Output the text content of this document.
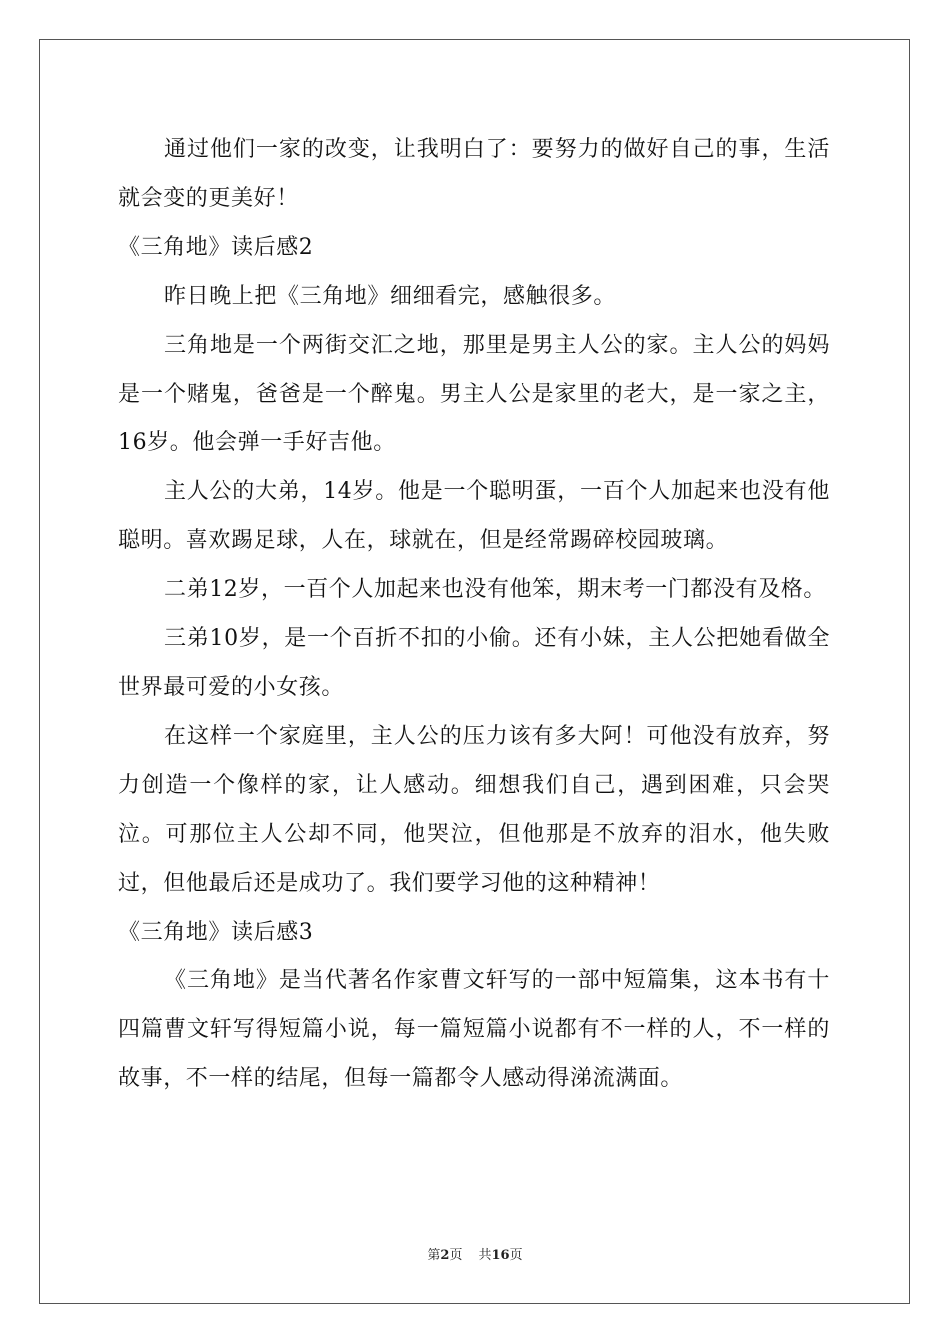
通过他们一家的改变，让我明白了：要努力的做好自己的事，生活就会变的更美好！

《三角地》读后感2

昨日晚上把《三角地》细细看完，感触很多。

三角地是一个两街交汇之地，那里是男主人公的家。主人公的妈妈是一个赌鬼，爸爸是一个醉鬼。男主人公是家里的老大，是一家之主，16岁。他会弹一手好吉他。

主人公的大弟，14岁。他是一个聪明蛋，一百个人加起来也没有他聪明。喜欢踢足球，人在，球就在，但是经常踢碎校园玻璃。

二弟12岁，一百个人加起来也没有他笨，期末考一门都没有及格。

三弟10岁，是一个百折不扣的小偷。还有小妹，主人公把她看做全世界最可爱的小女孩。

在这样一个家庭里，主人公的压力该有多大阿！可他没有放弃，努力创造一个像样的家，让人感动。细想我们自己，遇到困难，只会哭泣。可那位主人公却不同，他哭泣，但他那是不放弃的泪水，他失败过，但他最后还是成功了。我们要学习他的这种精神！

《三角地》读后感3

《三角地》是当代著名作家曹文轩写的一部中短篇集，这本书有十四篇曹文轩写得短篇小说，每一篇短篇小说都有不一样的人，不一样的故事，不一样的结尾，但每一篇都令人感动得涕流满面。

第2页 共16页
